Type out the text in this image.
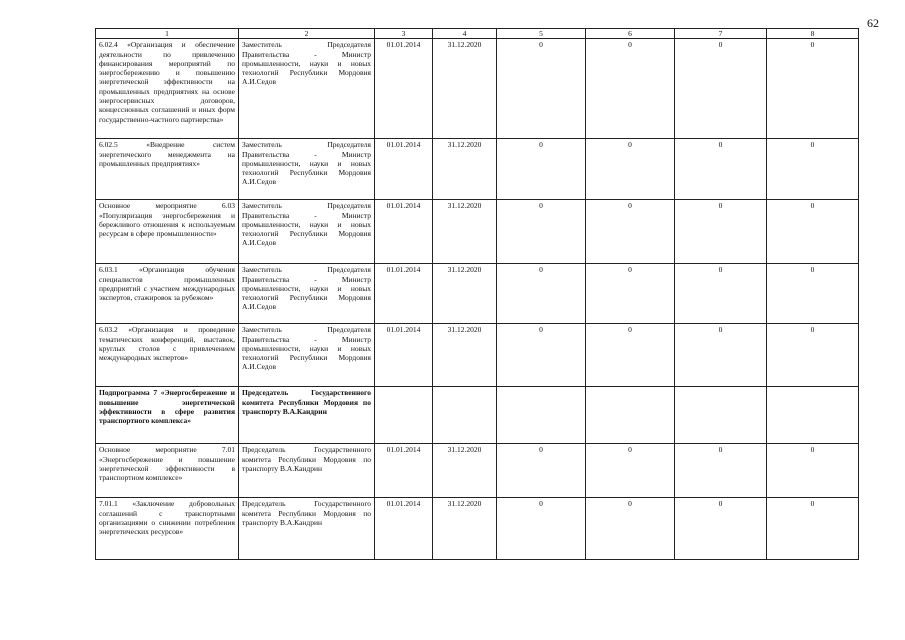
62
1	2	3	4	5	6	7	8
6.02.4 «Организация и обеспечение деятельности по привлечению финансирования мероприятий по энергосбережению и повышению энергетической эффективности на промышленных предприятиях на основе энергосервисных договоров, концессионных соглашений и иных форм государственно-частного партнерства»	Заместитель Председателя Правительства - Министр промышленности, науки и новых технологий Республики Мордовия А.И.Седов	01.01.2014	31.12.2020	0	0	0	0
6.02.5 «Внедрение систем энергетического менеджмента на промышленных предприятиях»	Заместитель Председателя Правительства - Министр промышленности, науки и новых технологий Республики Мордовия А.И.Седов	01.01.2014	31.12.2020	0	0	0	0
Основное мероприятие 6.03 «Популяризация энергосбережения и бережливого отношения к используемым ресурсам в сфере промышленности»	Заместитель Председателя Правительства - Министр промышленности, науки и новых технологий Республики Мордовия А.И.Седов	01.01.2014	31.12.2020	0	0	0	0
6.03.1 «Организация обучения специалистов промышленных предприятий с участием международных экспертов, стажировок за рубежом»	Заместитель Председателя Правительства - Министр промышленности, науки и новых технологий Республики Мордовия А.И.Седов	01.01.2014	31.12.2020	0	0	0	0
6.03.2 «Организация и проведение тематических конференций, выставок, круглых столов с привлечением международных экспертов»	Заместитель Председателя Правительства - Министр промышленности, науки и новых технологий Республики Мордовия А.И.Седов	01.01.2014	31.12.2020	0	0	0	0
Подпрограмма 7 «Энергосбережение и повышение энергетической эффективности в сфере развития транспортного комплекса»	Председатель Государственного комитета Республики Мордовия по транспорту В.А.Кандрин						
Основное мероприятие 7.01 «Энергосбережение и повышение энергетической эффективности в транспортном комплексе»	Председатель Государственного комитета Республики Мордовия по транспорту В.А.Кандрин	01.01.2014	31.12.2020	0	0	0	0
7.01.1 «Заключение добровольных соглашений с транспортными организациями о снижении потребления энергетических ресурсов»	Председатель Государственного комитета Республики Мордовия по транспорту В.А.Кандрин	01.01.2014	31.12.2020	0	0	0	0
